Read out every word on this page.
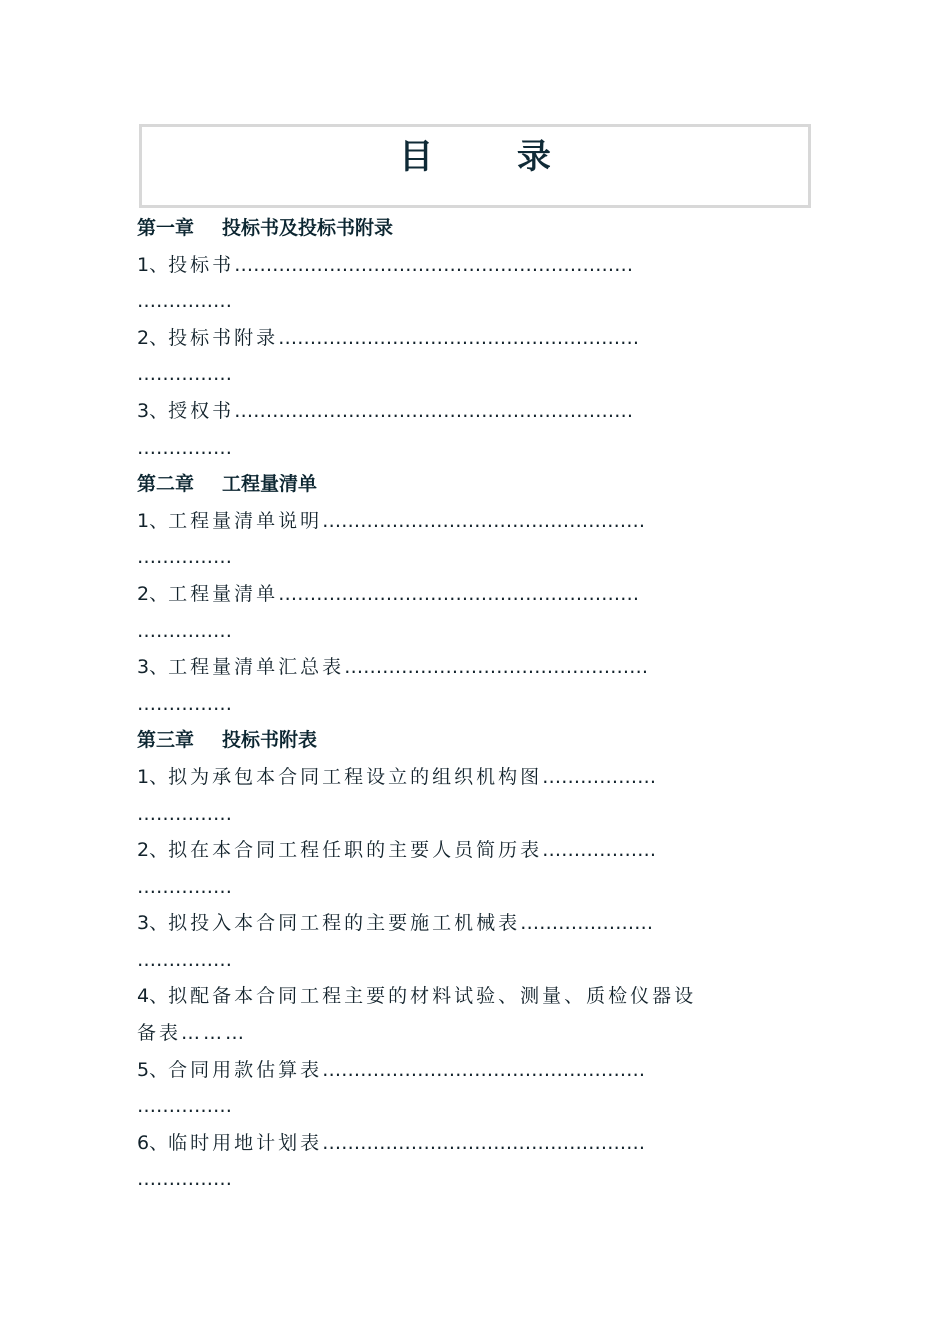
目 录
第一章 投标书及投标书附录
1、投标书………………………………………………………
……………
2、投标书附录…………………………………………………
……………
3、授权书………………………………………………………
……………
第二章 工程量清单
1、工程量清单说明……………………………………………
……………
2、工程量清单…………………………………………………
……………
3、工程量清单汇总表…………………………………………
……………
第三章 投标书附表
1、拟为承包本合同工程设立的组织机构图………………
……………
2、拟在本合同工程任职的主要人员简历表………………
……………
3、拟投入本合同工程的主要施工机械表…………………
……………
4、拟配备本合同工程主要的材料试验、测量、质检仪器设
备表………
5、合同用款估算表……………………………………………
……………
6、临时用地计划表……………………………………………
……………
